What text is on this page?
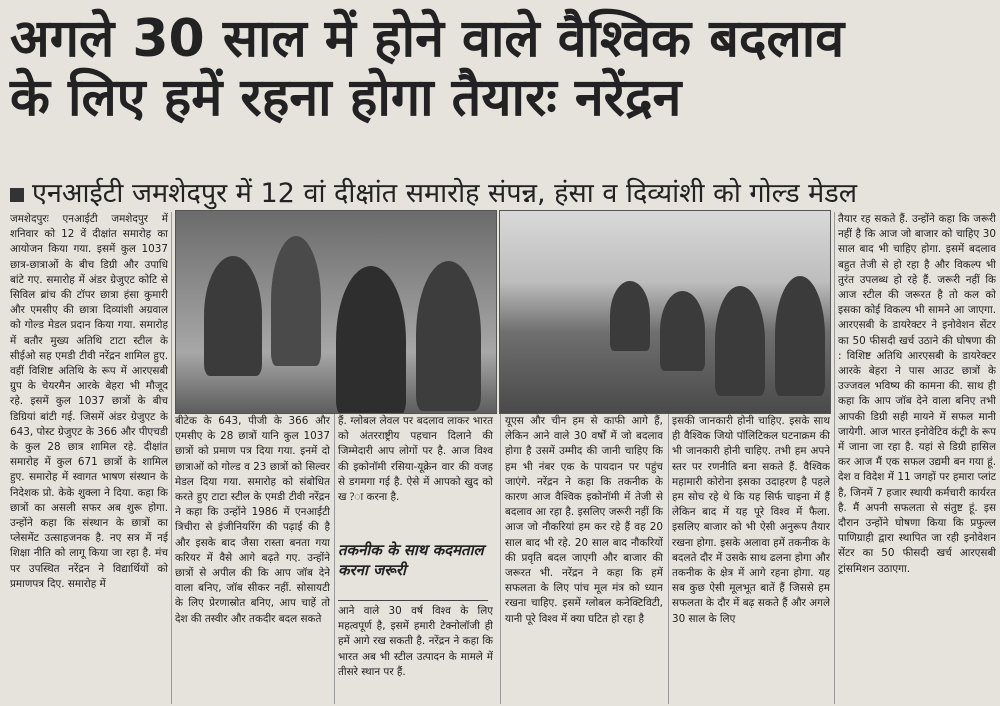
अगले 30 साल में होने वाले वैश्विक बदलाव
के लिए हमें रहना होगा तैयारः नरेंद्रन
एनआईटी जमशेदपुर में 12 वां दीक्षांत समारोह संपन्न, हंसा व दिव्यांशी को गोल्ड मेडल

जमशेदपुरः एनआईटी जमशेदपुर में शनिवार को 12 वें दीक्षांत समारोह का आयोजन किया गया. इसमें कुल 1037 छात्र-छात्राओं के बीच डिग्री और उपाधि बांटे गए. समारोह में अंडर ग्रेजुएट कोटि से सिविल ब्रांच की टॉपर छात्रा हंसा कुमारी और एमसीए की छात्रा दिव्यांशी अग्रवाल को गोल्ड मेडल प्रदान किया गया. समारोह में बतौर मुख्य अतिथि टाटा स्टील के सीईओ सह एमडी टीवी नरेंद्रन शामिल हुए. वहीं विशिष्ट अतिथि के रूप में आरएसबी ग्रुप के चेयरमैन आरके बेहरा भी मौजूद रहे. इसमें कुल 1037 छात्रों के बीच डिग्रियां बांटी गई. जिसमें अंडर ग्रेजुएट के 643, पोस्ट ग्रेजुएट के 366 और पीएचडी के कुल 28 छात्र शामिल रहे. दीक्षांत समारोह में कुल 671 छात्रों के शामिल हुए. समारोह में स्वागत भाषण संस्थान के निदेशक प्रो. केके शुक्ला ने दिया. कहा कि छात्रों का असली सफर अब शुरू होगा. उन्होंने कहा कि संस्थान के छात्रों का प्लेसमेंट उत्साहजनक है. नए सत्र में नई शिक्षा नीति को लागू किया जा रहा है. मंच पर उपस्थित नरेंद्रन ने विद्यार्थियों को प्रमाणपत्र दिए. समारोह में

बीटेक के 643, पीजी के 366 और एमसीए के 28 छात्रों यानि कुल 1037 छात्रों को प्रमाण पत्र दिया गया. इनमें दो छात्राओं को गोल्ड व 23 छात्रों को सिल्वर मेडल दिया गया. समारोह को संबोधित करते हुए टाटा स्टील के एमडी टीवी नरेंद्रन ने कहा कि उन्होंने 1986 में एनआईटी त्रिचीरा से इंजीनियरिंग की पढ़ाई की है और इसके बाद जैसा रास्ता बनता गया करियर में वैसे आगे बढ़ते गए. उन्होंने छात्रों से अपील की कि आप जॉब देने वाला बनिए, जॉब सीकर नहीं. सोसायटी के लिए प्रेरणास्रोत बनिए, आप चाहें तो देश की तस्वीर और तकदीर बदल सकते

हैं. ग्लोबल लेवल पर बदलाव लाकर भारत को अंतरराष्ट्रीय पहचान दिलाने की जिम्मेदारी आप लोगों पर है. आज विश्व की इकोनॉमी रसिया-यूक्रेन वार की वजह से डगमगा गई है. ऐसे में आपको खुद को ख ?ा करना है.

तकनीक के साथ कदमताल करना जरूरी

आने वाले 30 वर्ष विश्व के लिए महत्वपूर्ण है, इसमें हमारी टेक्नोलॉजी ही हमें आगे रख सकती है. नरेंद्रन ने कहा कि भारत अब भी स्टील उत्पादन के मामले में तीसरे स्थान पर हैं.

यूएस और चीन हम से काफी आगे हैं, लेकिन आने वाले 30 वर्षों में जो बदलाव होगा है उसमें उम्मीद की जानी चाहिए कि हम भी नंबर एक के पायदान पर पहुंच जाएंगे. नरेंद्रन ने कहा कि तकनीक के कारण आज वैश्विक इकोनॉमी में तेजी से बदलाव आ रहा है. इसलिए जरूरी नहीं कि आज जो नौकरियां हम कर रहे हैं वह 20 साल बाद भी रहे. 20 साल बाद नौकरियों की प्रवृति बदल जाएगी और बाजार की जरूरत भी. नरेंद्रन ने कहा कि हमें सफलता के लिए पांच मूल मंत्र को ध्यान रखना चाहिए. इसमें ग्लोबल कनेक्टिविटी, यानी पूरे विश्व में क्या घटित हो रहा है

इसकी जानकारी होनी चाहिए. इसके साथ ही वैश्विक जियो पॉलिटिकल घटनाक्रम की भी जानकारी होनी चाहिए. तभी हम अपने स्तर पर रणनीति बना सकते हैं. वैश्विक महामारी कोरोना इसका उदाहरण है पहले हम सोच रहे थे कि यह सिर्फ चाइना में हैं लेकिन बाद में यह पूरे विश्व में फैला. इसलिए बाजार को भी ऐसी अनुरूप तैयार रखना होगा. इसके अलावा हमें तकनीक के बदलते दौर में उसके साथ ढलना होगा और तकनीक के क्षेत्र में आगे रहना होगा. यह सब कुछ ऐसी मूलभूत बातें हैं जिससे हम सफलता के दौर में बढ़ सकते हैं और अगले 30 साल के लिए

तैयार रह सकते हैं. उन्होंने कहा कि जरूरी नहीं है कि आज जो बाजार को चाहिए 30 साल बाद भी चाहिए होगा. इसमें बदलाव बहुत तेजी से हो रहा है और विकल्प भी तुरंत उपलब्ध हो रहे हैं. जरूरी नहीं कि आज स्टील की जरूरत है तो कल को इसका कोई विकल्प भी सामने आ जाएगा. आरएसबी के डायरेक्टर ने इनोवेशन सेंटर का 50 फीसदी खर्च उठाने की घोषणा की : विशिष्ट अतिथि आरएसबी के डायरेक्टर आरके बेहरा ने पास आउट छात्रों के उज्जवल भविष्य की कामना की. साथ ही कहा कि आप जॉब देने वाला बनिए तभी आपकी डिग्री सही मायने में सफल मानी जायेगी. आज भारत इनोवेटिव कंट्री के रूप में जाना जा रहा है. यहां से डिग्री हासिल कर आज मैं एक सफल उद्यमी बन गया हूं. देश व विदेश में 11 जगहों पर हमारा प्लांट है, जिनमें 7 हजार स्थायी कर्मचारी कार्यरत है. मैं अपनी सफलता से संतुष्ट हूं. इस दौरान उन्होंने घोषणा किया कि प्रफुल्ल पाणिग्राही द्वारा स्थापित जा रही इनोवेशन सेंटर का 50 फीसदी खर्च आरएसबी ट्रांसमिशन उठाएगा.
